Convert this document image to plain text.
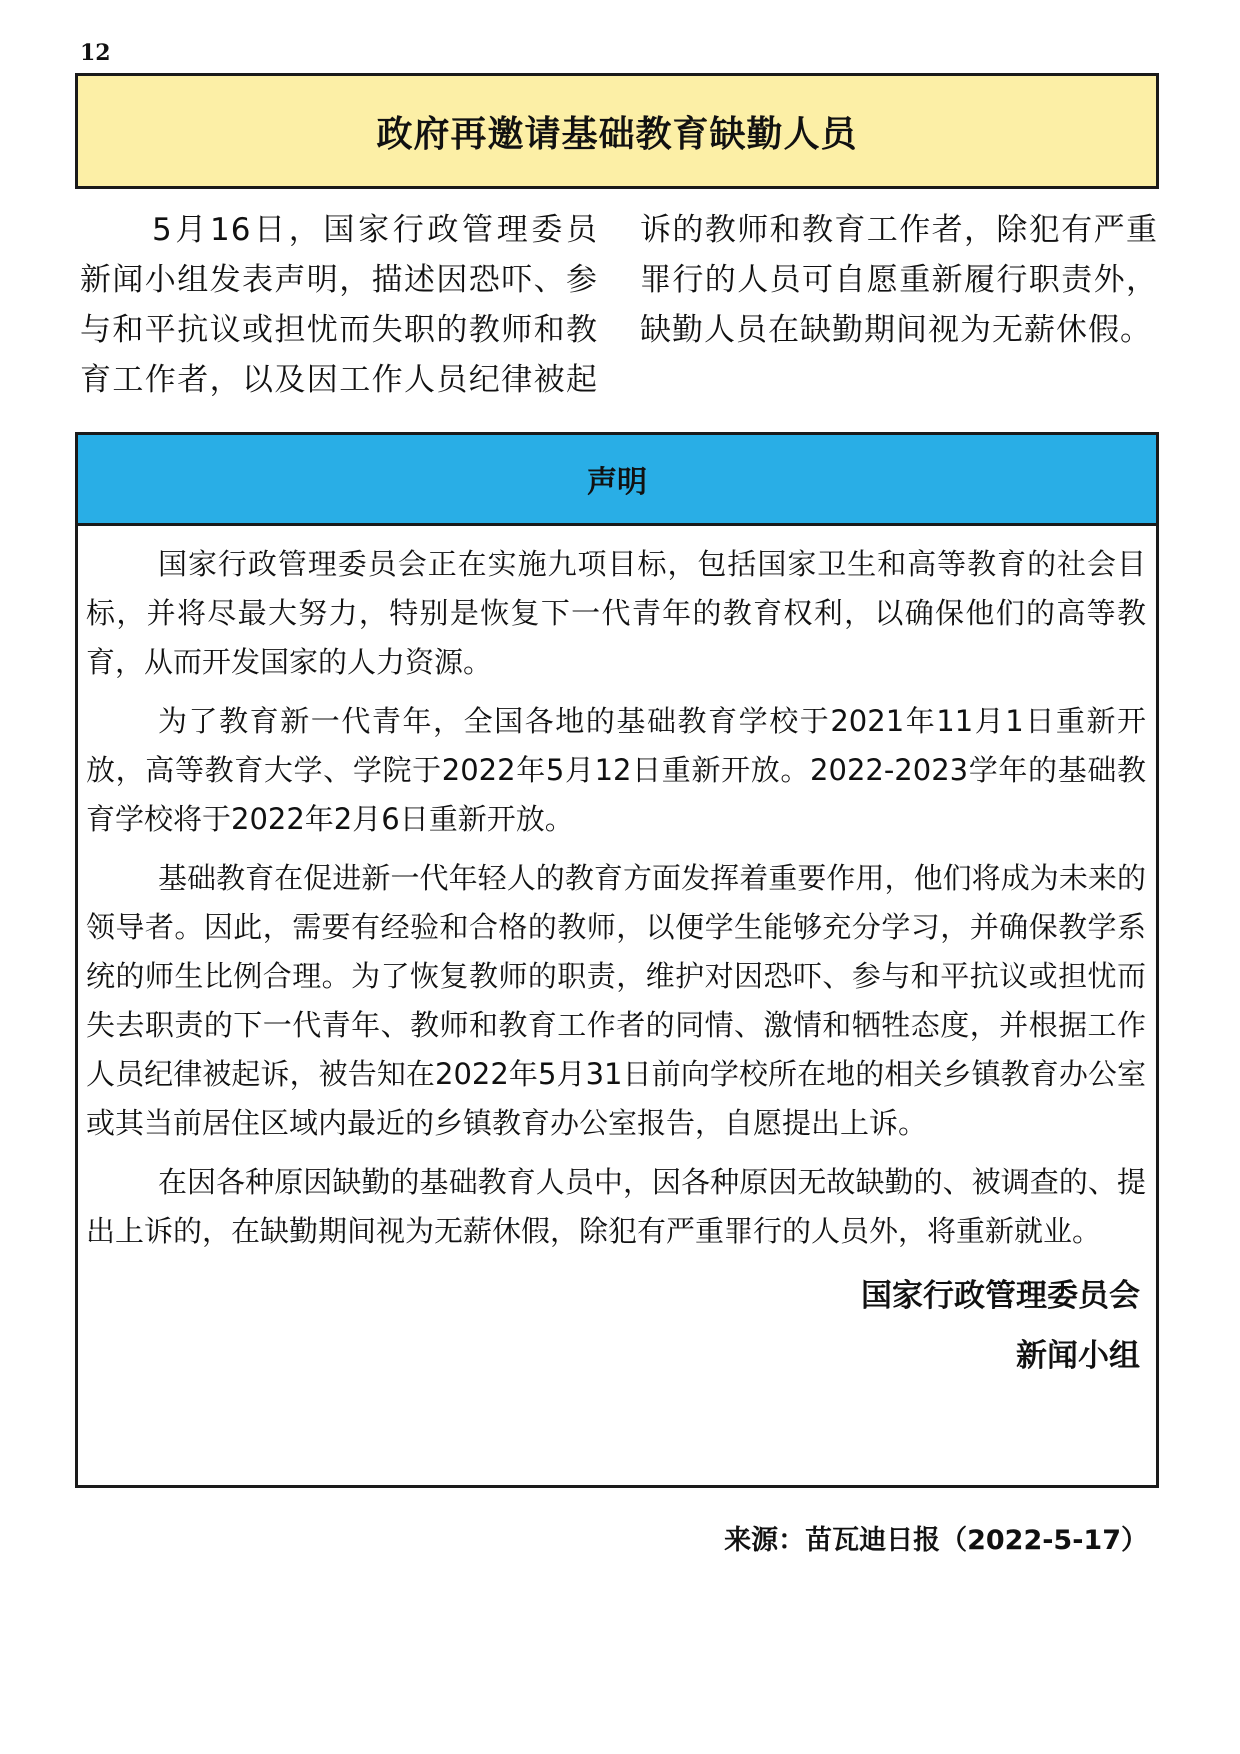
12
政府再邀请基础教育缺勤人员

5月16日，国家行政管理委员新闻小组发表声明，描述因恐吓、参与和平抗议或担忧而失职的教师和教育工作者，以及因工作人员纪律被起诉的教师和教育工作者，除犯有严重罪行的人员可自愿重新履行职责外，缺勤人员在缺勤期间视为无薪休假。

声明

国家行政管理委员会正在实施九项目标，包括国家卫生和高等教育的社会目标，并将尽最大努力，特别是恢复下一代青年的教育权利，以确保他们的高等教育，从而开发国家的人力资源。

为了教育新一代青年，全国各地的基础教育学校于2021年11月1日重新开放，高等教育大学、学院于2022年5月12日重新开放。2022-2023学年的基础教育学校将于2022年2月6日重新开放。

基础教育在促进新一代年轻人的教育方面发挥着重要作用，他们将成为未来的领导者。因此，需要有经验和合格的教师，以便学生能够充分学习，并确保教学系统的师生比例合理。为了恢复教师的职责，维护对因恐吓、参与和平抗议或担忧而失去职责的下一代青年、教师和教育工作者的同情、激情和牺牲态度，并根据工作人员纪律被起诉，被告知在2022年5月31日前向学校所在地的相关乡镇教育办公室或其当前居住区域内最近的乡镇教育办公室报告，自愿提出上诉。

在因各种原因缺勤的基础教育人员中，因各种原因无故缺勤的、被调查的、提出上诉的，在缺勤期间视为无薪休假，除犯有严重罪行的人员外，将重新就业。

国家行政管理委员会
新闻小组
来源：苗瓦迪日报（2022-5-17）
